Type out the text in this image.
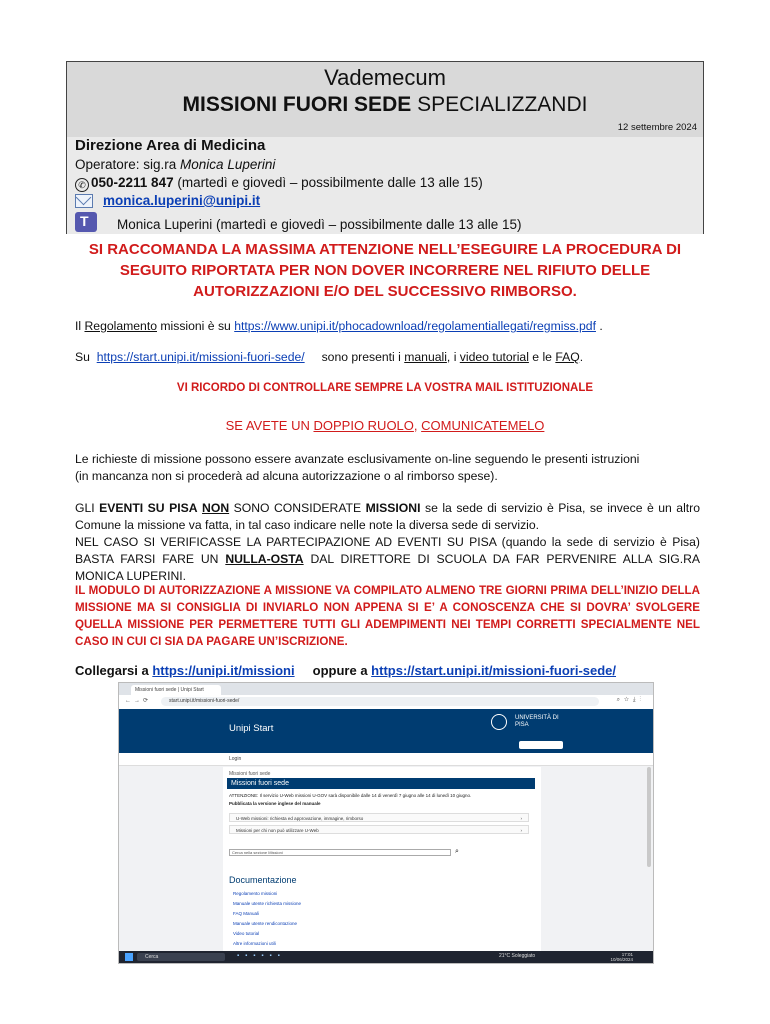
Vademecum
MISSIONI FUORI SEDE SPECIALIZZANDI
12 settembre 2024
Direzione Area di Medicina
Operatore: sig.ra Monica Luperini
✆ 050-2211 847 (martedì e giovedì – possibilmente dalle 13 alle 15)
monica.luperini@unipi.it
T
Monica Luperini (martedì e giovedì – possibilmente dalle 13 alle 15)
SI RACCOMANDA LA MASSIMA ATTENZIONE NELL’ESEGUIRE LA PROCEDURA DI SEGUITO RIPORTATA PER NON DOVER INCORRERE NEL RIFIUTO DELLE AUTORIZZAZIONI E/O DEL SUCCESSIVO RIMBORSO.
Il Regolamento missioni è su https://www.unipi.it/phocadownload/regolamentiallegati/regmiss.pdf .
Su  https://start.unipi.it/missioni-fuori-sede/     sono presenti i manuali, i video tutorial e le FAQ.
VI RICORDO DI CONTROLLARE SEMPRE LA VOSTRA MAIL ISTITUZIONALE
SE AVETE UN DOPPIO RUOLO, COMUNICATEMELO
Le richieste di missione possono essere avanzate esclusivamente on-line seguendo le presenti istruzioni
(in mancanza non si procederà ad alcuna autorizzazione o al rimborso spese).
GLI EVENTI SU PISA NON SONO CONSIDERATE MISSIONI se la sede di servizio è Pisa, se invece è un altro Comune la missione va fatta, in tal caso indicare nelle note la diversa sede di servizio.
NEL CASO SI VERIFICASSE LA PARTECIPAZIONE AD EVENTI SU PISA (quando la sede di servizio è Pisa) BASTA FARSI FARE UN NULLA-OSTA DAL DIRETTORE DI SCUOLA DA FAR PERVENIRE ALLA SIG.RA MONICA LUPERINI.
IL MODULO DI AUTORIZZAZIONE A MISSIONE VA COMPILATO ALMENO TRE GIORNI PRIMA DELL’INIZIO DELLA MISSIONE MA SI CONSIGLIA DI INVIARLO NON APPENA SI E’ A CONOSCENZA CHE SI DOVRA’ SVOLGERE QUELLA MISSIONE PER PERMETTERE TUTTI GLI ADEMPIMENTI NEI TEMPI CORRETTI SPECIALMENTE NEL CASO IN CUI CI SIA DA PAGARE UN’ISCRIZIONE.
Collegarsi a https://unipi.it/missioni     oppure a https://start.unipi.it/missioni-fuori-sede/
Missioni fuori sede | Unipi Start
←→⟳	start.unipi.it/missioni-fuori-sede/	⌕☆⤓⋮
Unipi Start
UNIVERSITÀ DI PISA
Login
Missioni fuori sede
Missioni fuori sede
ATTENZIONE: Il servizio U-Web missioni U-GOV sarà disponibile dalle 14 di venerdì 7 giugno alle 14 di lunedì 10 giugno.
Pubblicata la versione inglese del manuale
U-Web missioni: richiesta ed approvazione, immagine, rimborso	›
Missioni per chi non può utilizzare U-Web	›
Cerca nella sezione Missioni	⌕
Documentazione
Regolamento missioni
Manuale utente richiesta missione
FAQ Manuali
Manuale utente rendicontazione
Video tutorial
Altre informazioni utili
Cerca	▪▪▪▪▪▪	21°C Soleggiato	17:01
10/06/2024
